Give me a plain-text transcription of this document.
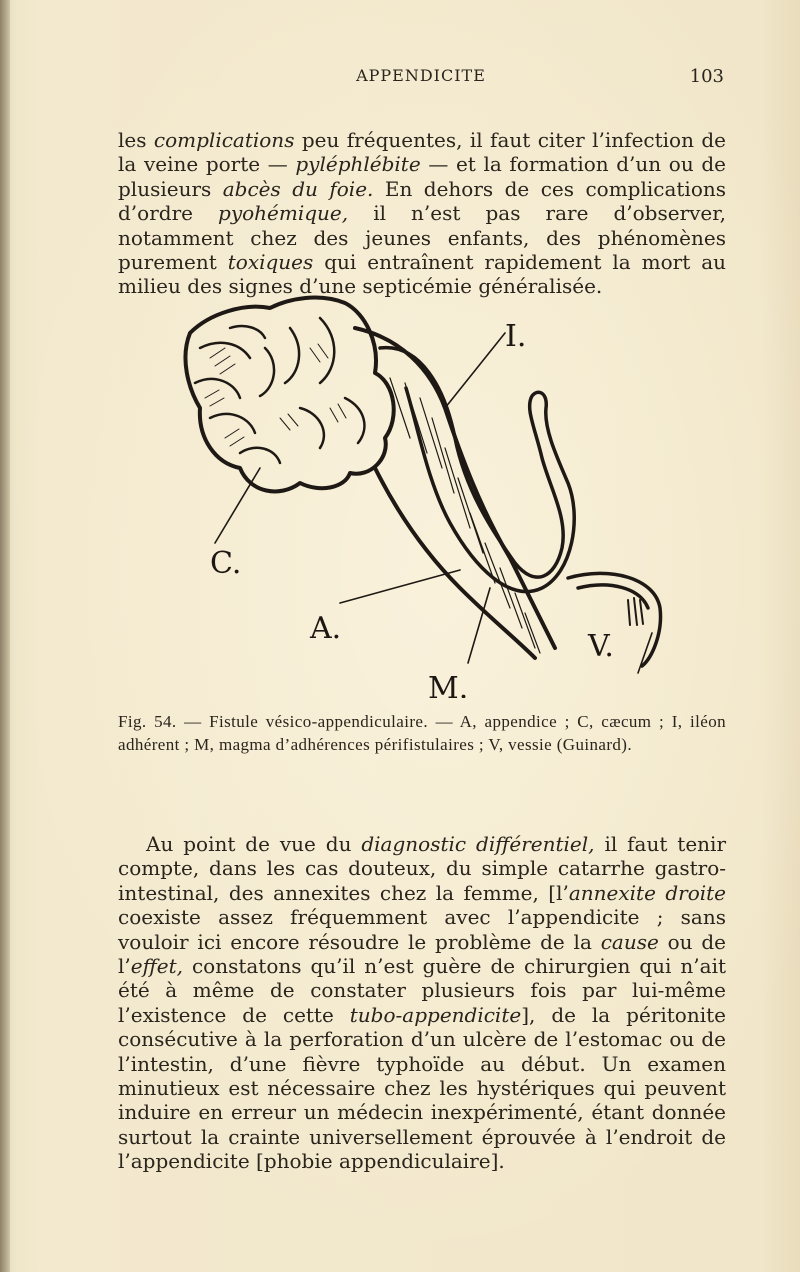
APPENDICITE	103

les complications peu fréquentes, il faut citer l’infection de la veine porte — pyléphlébite — et la formation d’un ou de plusieurs abcès du foie. En dehors de ces complications d’ordre pyohémique, il n’est pas rare d’observer, notamment chez des jeunes enfants, des phénomènes purement toxiques qui entraînent rapidement la mort au milieu des signes d’une septicémie généralisée.

I.
C.
A.
V.
M.
Fig. 54. — Fistule vésico-appendiculaire. — A, appendice ; C, cæcum ; I, iléon adhérent ; M, magma d’adhérences périfistulaires ; V, vessie (Guinard).

Au point de vue du diagnostic différentiel, il faut tenir compte, dans les cas douteux, du simple catarrhe gastro-intestinal, des annexites chez la femme, [l’annexite droite coexiste assez fréquemment avec l’appendicite ; sans vouloir ici encore résoudre le problème de la cause ou de l’effet, constatons qu’il n’est guère de chirurgien qui n’ait été à même de constater plusieurs fois par lui-même l’existence de cette tubo-appendicite], de la péritonite consécutive à la perforation d’un ulcère de l’estomac ou de l’intestin, d’une fièvre typhoïde au début. Un examen minutieux est nécessaire chez les hystériques qui peuvent induire en erreur un médecin inexpérimenté, étant donnée surtout la crainte universellement éprouvée à l’endroit de l’appendicite [phobie appendiculaire].
